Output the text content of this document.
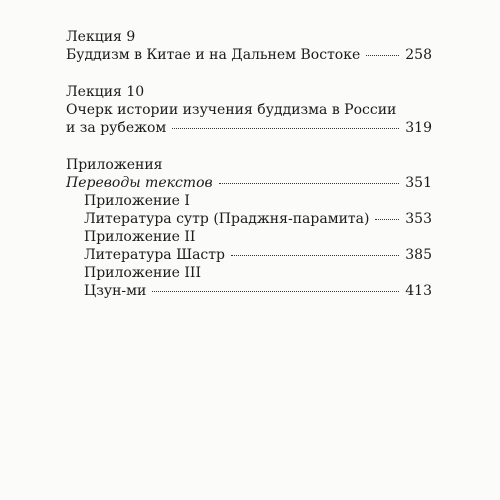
Лекция 9
Буддизм в Китае и на Дальнем Востоке	258
Лекция 10
Очерк истории изучения буддизма в России
и за рубежом	319
Приложения
Переводы текстов	351
Приложение I
Литература сутр (Праджня-парамита)	353
Приложение II
Литература Шастр	385
Приложение III
Цзун-ми	413
